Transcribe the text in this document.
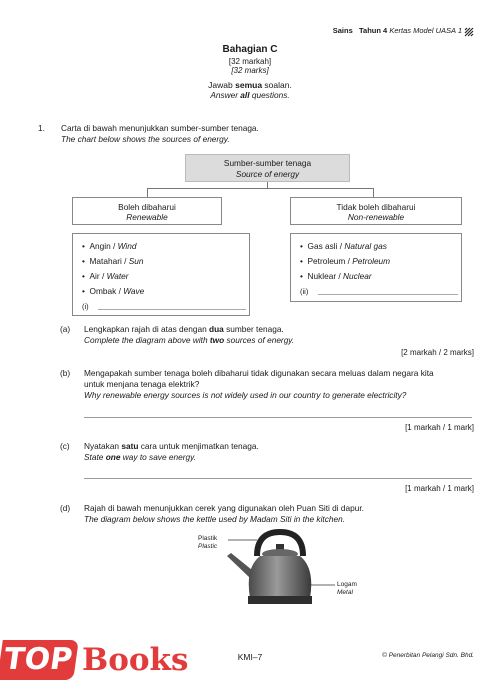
Sains Tahun 4 Kertas Model UASA 1
Bahagian C
[32 markah]
[32 marks]
Jawab semua soalan.
Answer all questions.
1. Carta di bawah menunjukkan sumber-sumber tenaga.
The chart below shows the sources of energy.
Sumber-sumber tenaga
Source of energy
Boleh dibaharui
Renewable
Tidak boleh dibaharui
Non-renewable
•  Angin / Wind
•  Matahari / Sun
•  Air / Water
•  Ombak / Wave
(i)
•  Gas asli / Natural gas
•  Petroleum / Petroleum
•  Nuklear / Nuclear
(ii)
(a) Lengkapkan rajah di atas dengan dua sumber tenaga.
Complete the diagram above with two sources of energy.
[2 markah / 2 marks]
(b) Mengapakah sumber tenaga boleh dibaharui tidak digunakan secara meluas dalam negara kita
untuk menjana tenaga elektrik?
Why renewable energy sources is not widely used in our country to generate electricity?
[1 markah / 1 mark]
(c) Nyatakan satu cara untuk menjimatkan tenaga.
State one way to save energy.
[1 markah / 1 mark]
(d) Rajah di bawah menunjukkan cerek yang digunakan oleh Puan Siti di dapur.
The diagram below shows the kettle used by Madam Siti in the kitchen.
Plastik
Plastic
Logam
Metal
KMI–7	© Penerbitan Pelangi Sdn. Bhd.
TOP Books
